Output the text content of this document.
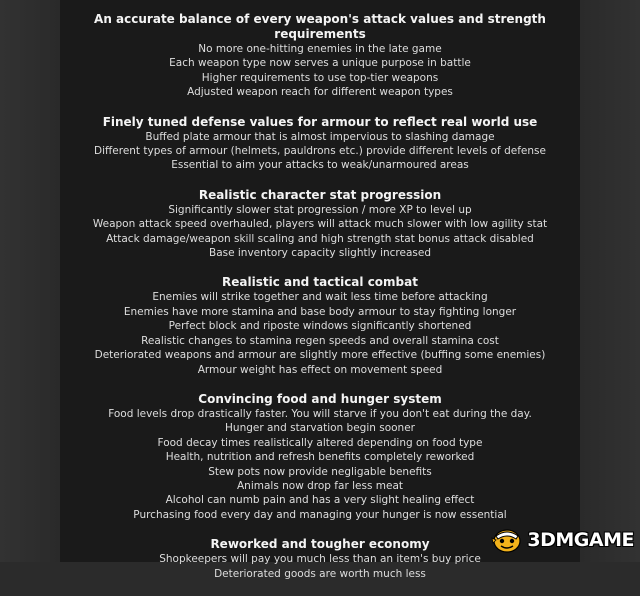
An accurate balance of every weapon's attack values and strength requirements
No more one-hitting enemies in the late game
Each weapon type now serves a unique purpose in battle
Higher requirements to use top-tier weapons
Adjusted weapon reach for different weapon types
Finely tuned defense values for armour to reflect real world use
Buffed plate armour that is almost impervious to slashing damage
Different types of armour (helmets, pauldrons etc.) provide different levels of defense
Essential to aim your attacks to weak/unarmoured areas
Realistic character stat progression
Significantly slower stat progression / more XP to level up
Weapon attack speed overhauled, players will attack much slower with low agility stat
Attack damage/weapon skill scaling and high strength stat bonus attack disabled
Base inventory capacity slightly increased
Realistic and tactical combat
Enemies will strike together and wait less time before attacking
Enemies have more stamina and base body armour to stay fighting longer
Perfect block and riposte windows significantly shortened
Realistic changes to stamina regen speeds and overall stamina cost
Deteriorated weapons and armour are slightly more effective (buffing some enemies)
Armour weight has effect on movement speed
Convincing food and hunger system
Food levels drop drastically faster. You will starve if you don't eat during the day.
Hunger and starvation begin sooner
Food decay times realistically altered depending on food type
Health, nutrition and refresh benefits completely reworked
Stew pots now provide negligable benefits
Animals now drop far less meat
Alcohol can numb pain and has a very slight healing effect
Purchasing food every day and managing your hunger is now essential
Reworked and tougher economy
Shopkeepers will pay you much less than an item's buy price
Deteriorated goods are worth much less
3DMGAME
